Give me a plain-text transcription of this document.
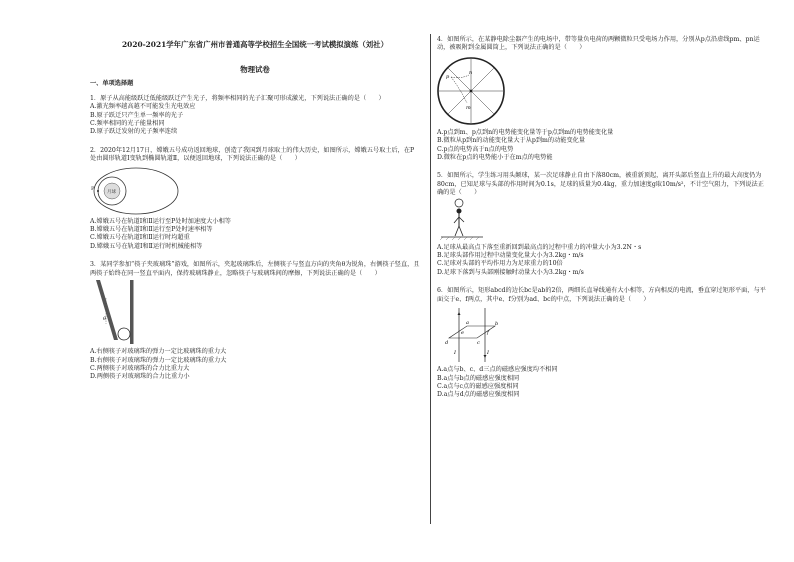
2020-2021学年广东省广州市普通高等学校招生全国统一考试模拟演练（刘社）
物理试卷
一、单项选择题

1．原子从高能级跃迁低能级跃迁产生光子，将频率相同的光子汇聚可形成激光，下列说法正确的是（　　）

A.激光频率越高越不可能发生光电效应

B.原子跃迁只产生单一频率的光子

C.频率相同的光子能量相同

D.原子跃迁发射的光子频率连续

2．2020年12月17日，嫦娥五号成功返回地球，创造了我国到月球取土的伟大历史，如图所示，嫦娥五号取土后，在P处由圆形轨道Ⅰ变轨到椭圆轨道Ⅱ，以便返回地球，下列说法正确的是（　　）

月球
P

A.嫦娥五号在轨道Ⅰ和Ⅱ运行至P处时加速度大小相等

B.嫦娥五号在轨道Ⅰ和Ⅱ运行至P处时速率相等

C.嫦娥五号在轨道Ⅰ和Ⅱ运行时均超重

D.嫦娥五号在轨道Ⅰ和Ⅱ运行时机械能相等

3．某同学参加“筷子夹玻璃珠”游戏，如图所示，夹起玻璃珠后，左侧筷子与竖直方向的夹角θ为锐角，右侧筷子竖直，且两筷子始终在同一竖直平面内，保持玻璃珠静止，忽略筷子与玻璃珠间的摩擦，下列说法正确的是（　　）

θ

A.右侧筷子对玻璃珠的弹力一定比玻璃珠的重力大

B.右侧筷子对玻璃珠的弹力一定比玻璃珠的重力大

C.两侧筷子对玻璃珠的合力比重力大

D.两侧筷子对玻璃珠的合力比重力小

4．如图所示，在某静电除尘器产生的电场中，带等量负电荷的两颗微粒只受电场力作用，分别从p点沿虚线pm、pn运动，被吸附到金属圆筒上，下列说法正确的是（　　）

p
m
n

A.p点到m、p点到n的电势能变化量等于p点到m的电势能变化量

B.微粒从p到n的动能变化量大于从p到m的动能变化量

C.p点的电势高于n点的电势

D.微粒在p点的电势能小于在m点的电势能

5．如图所示，学生练习用头颠球，某一次足球静止自由下落80cm，被重新顶起，离开头部后竖直上升的最大高度仍为80cm，已知足球与头部的作用时间为0.1s，足球的质量为0.4kg，重力加速度g取10m/s²，不计空气阻力，下列说法正确的是（　　）

A.足球从最高点下落至重新回到最高点的过程中重力的冲量大小为3.2N・s

B.足球头部作用过程中动量变化量大小为3.2kg・m/s

C.足球对头部的平均作用力为足球重力的10倍

D.足球下落到与头部刚接触时动量大小为3.2kg・m/s

6．如图所示，矩形abcd的边长bc是ab的2倍，两细长直导线通有大小相等，方向相反的电流，垂直穿过矩形平面，与平面交于e、f两点，其中e、f分别为ad、bc的中点，下列说法正确的是（　　）

a	b
c
d
e	f
I	I

A.a点与b、c、d三点的磁感应强度均不相同

B.a点与b点的磁感应强度相同

C.a点与c点的磁感应强度相同

D.a点与d点的磁感应强度相同
